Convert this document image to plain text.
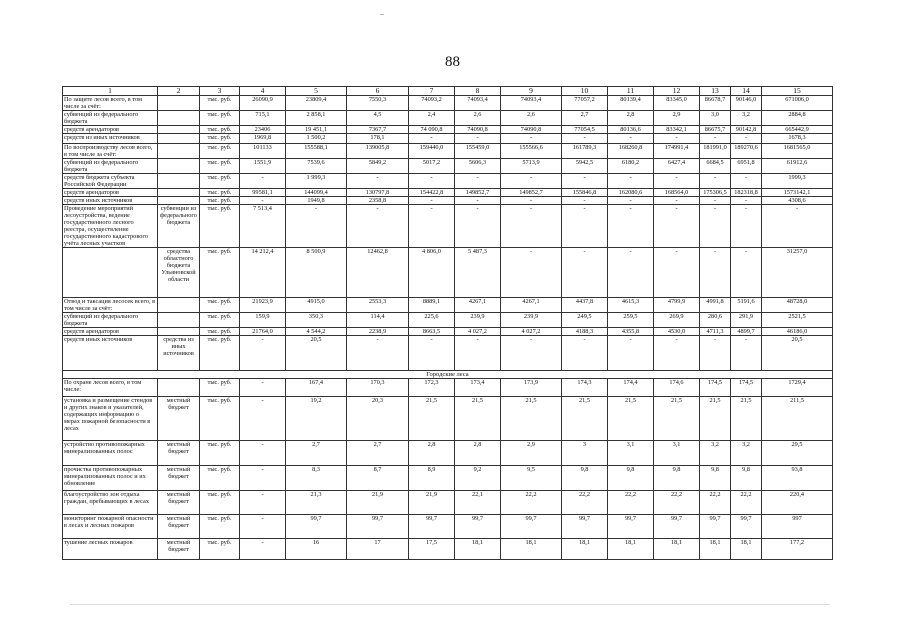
88
1	2	3	4	5	6	7	8	9	10	11	12	13	14	15
По защите лесов всего, в том числе за счёт:		тыс. руб.	26090,9	23809,4	7550,3	74093,2	74093,4	74093,4	77057,2	80139,4	83345,0	86678,7	90146,0	671006,0
субвенций из федерального бюджета		тыс. руб.	715,1	2 858,1	4,5	2,4	2,6	2,6	2,7	2,8	2,9	3,0	3,2	2884,8
средств арендаторов		тыс. руб.	23406	19 451,1	7367,7	74 090,8	74090,8	74090,8	77054,5	80136,6	83342,1	86675,7	90142,8	665442,9
средств из иных источников		тыс. руб.	1969,8	1 500,2	178,1	-	-	-	-	-	-	-	-	1678,3
По воспроизводству лесов всего, в том числе за счёт:		тыс. руб.	101133	155588,1	139005,8	159440,0	155459,0	155566,6	161789,3	168260,8	174991,4	181991,0	189270,6	1681565,0
субвенций из федерального бюджета		тыс. руб.	1551,9	7539,6	5849,2	5017,2	5606,3	5713,9	5942,5	6180,2	6427,4	6684,5	6951,8	61912,6
средств бюджета субъекта Российской Федерации		тыс. руб.	-	1 999,3	-	-	-	-	-	-	-	-	-	1999,3
средств арендаторов		тыс. руб.	99581,1	144099,4	130797,8	154422,8	149852,7	149852,7	155846,8	162080,6	168564,0	175306,5	182318,8	1573142,1
средств иных источников		тыс. руб.	-	1949,8	2358,8	-	-	-	-	-	-	-	-	4308,6
Проведение мероприятий лесоустройства, ведение государственного лесного реестра, осуществление государственного кадастрового учёта лесных участков	субвенции из федерального бюджета	тыс. руб.	7 513,4	-	-	-	-	-	-	-	-	-	-	-
	средства областного бюджета Ульяновской области	тыс. руб.	14 212,4	8 500,9	12462,8	4 806,0	5 487,3	-	-	-	-	-	-	31257,0
Отвод и таксация лесосек всего, в том числе за счёт:		тыс. руб.	21923,9	4915,0	2553,3	8889,1	4267,1	4267,1	4437,8	4615,3	4799,9	4991,8	5191,6	48728,0
субвенций из федерального бюджета		тыс. руб.	159,9	350,3	114,4	225,6	239,9	239,9	249,5	259,5	269,9	280,6	291,9	2521,5
средств арендаторов		тыс. руб.	21764,0	4 544,2	2238,9	8663,5	4 027,2	4 027,2	4188,3	4355,8	4530,0	4711,3	4899,7	46186,0
средств иных источников	средства из иных источников	тыс. руб.	-	20,5	-	-	-	-	-	-	-	-	-	20,5
Городские леса														
По охране лесов всего, в том числе:		тыс. руб.	-	167,4	170,3	172,3	173,4	173,9	174,3	174,4	174,6	174,5	174,5	1729,4
установка и размещение стендов и других знаков и указателей, содержащих информацию о мерах пожарной безопасности в лесах	местный бюджет	тыс. руб.	-	19,2	20,3	21,5	21,5	21,5	21,5	21,5	21,5	21,5	21,5	211,5
устройство противопожарных минерализованных полос	местный бюджет	тыс. руб.	-	2,7	2,7	2,8	2,8	2,9	3	3,1	3,1	3,2	3,2	29,5
прочистка противопожарных минерализованных полос и их обновление	местный бюджет	тыс. руб.	-	8,3	8,7	8,9	9,2	9,5	9,8	9,8	9,8	9,8	9,8	93,8
благоустройство зон отдыха граждан, пребывающих в лесах	местный бюджет	тыс. руб.	-	21,3	21,9	21,9	22,1	22,2	22,2	22,2	22,2	22,2	22,2	220,4
мониторинг пожарной опасности в лесах и лесных пожаров	местный бюджет	тыс. руб.	-	99,7	99,7	99,7	99,7	99,7	99,7	99,7	99,7	99,7	99,7	997
тушение лесных пожаров	местный бюджет	тыс. руб.	-	16	17	17,5	18,1	18,1	18,1	18,1	18,1	18,1	18,1	177,2
